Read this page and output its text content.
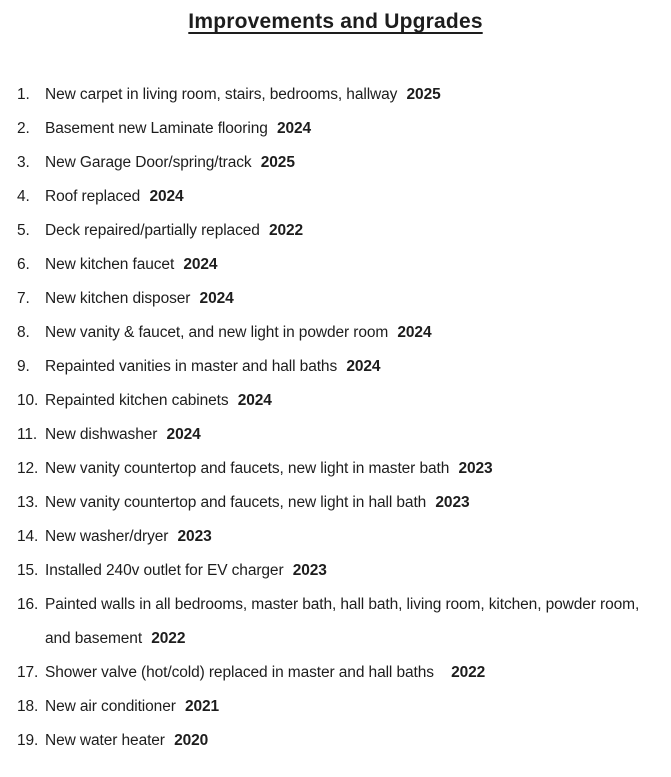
Improvements and Upgrades
1. New carpet in living room, stairs, bedrooms, hallway 2025
2. Basement new Laminate flooring 2024
3. New Garage Door/spring/track 2025
4. Roof replaced 2024
5. Deck repaired/partially replaced 2022
6. New kitchen faucet 2024
7. New kitchen disposer 2024
8. New vanity & faucet, and new light in powder room 2024
9. Repainted vanities in master and hall baths 2024
10. Repainted kitchen cabinets 2024
11. New dishwasher 2024
12. New vanity countertop and faucets, new light in master bath 2023
13. New vanity countertop and faucets, new light in hall bath 2023
14. New washer/dryer 2023
15. Installed 240v outlet for EV charger 2023
16. Painted walls in all bedrooms, master bath, hall bath, living room, kitchen, powder room, and basement 2022
17. Shower valve (hot/cold) replaced in master and hall baths 2022
18. New air conditioner 2021
19. New water heater 2020
